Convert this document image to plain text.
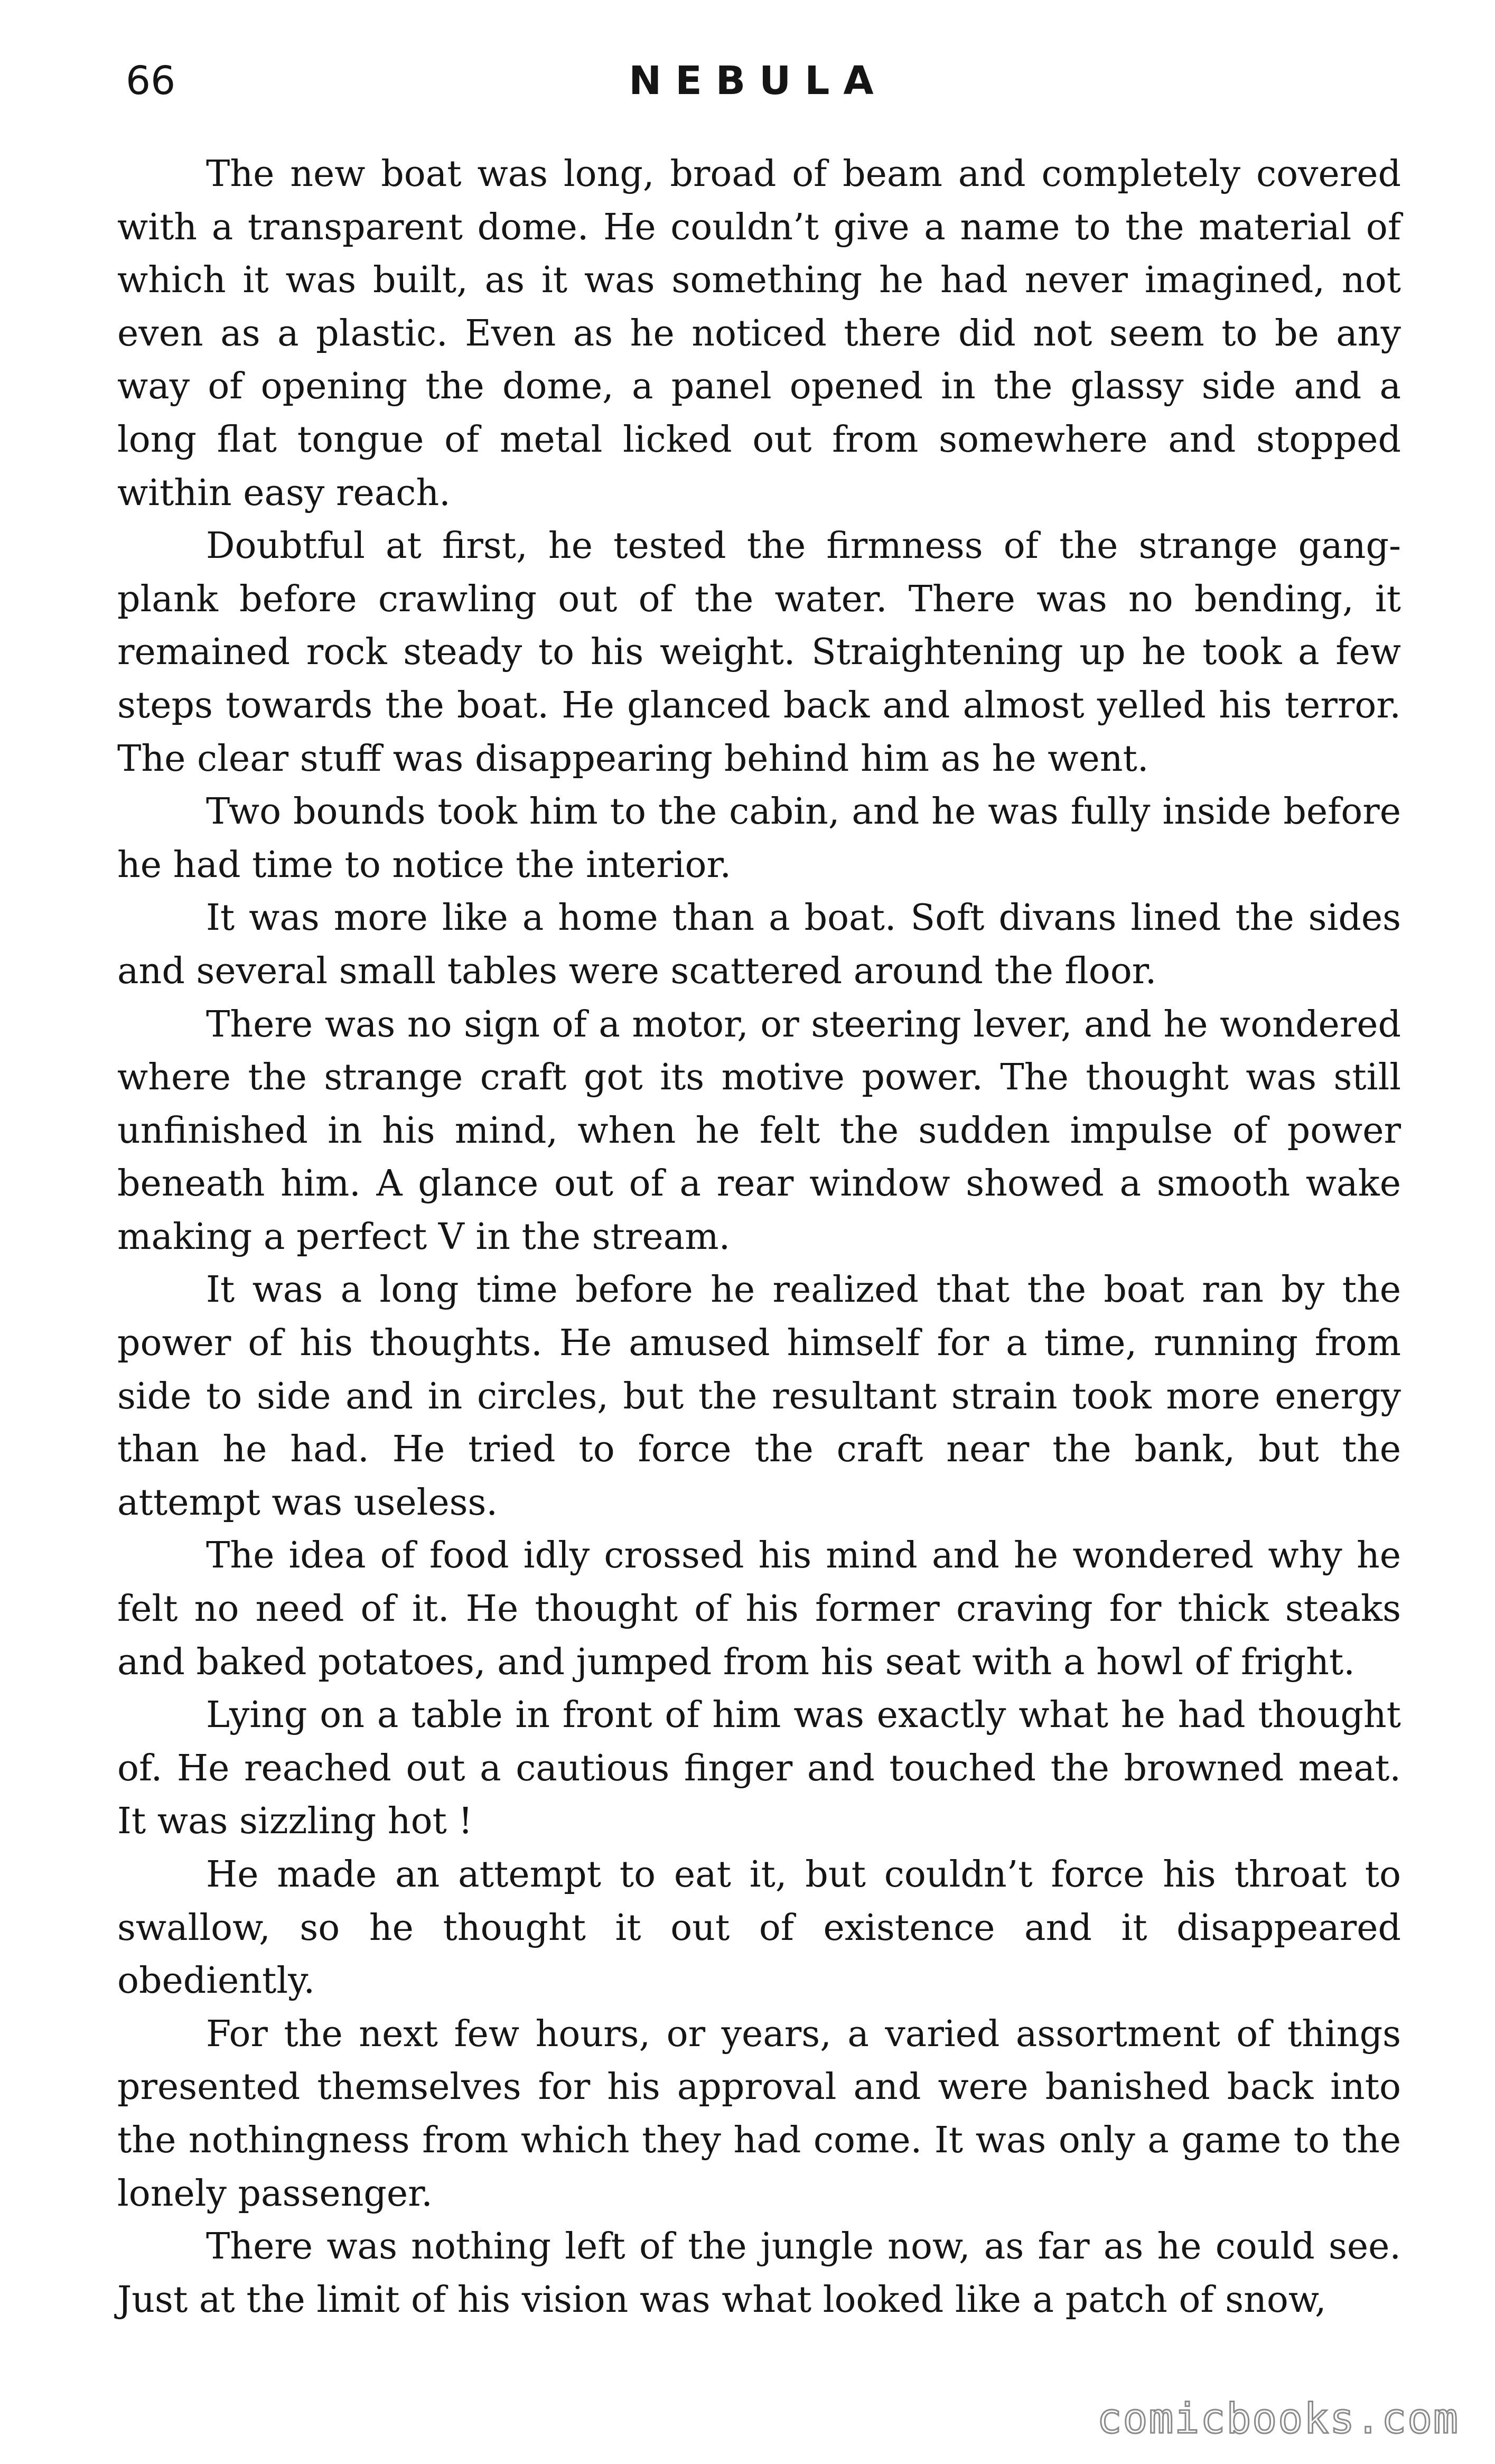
66	NEBULA

The new boat was long, broad of beam and completely covered with a transparent dome. He couldn’t give a name to the material of which it was built, as it was something he had never imagined, not even as a plastic. Even as he noticed there did not seem to be any way of opening the dome, a panel opened in the glassy side and a long flat tongue of metal licked out from somewhere and stopped within easy reach.

Doubtful at first, he tested the firmness of the strange gang-plank before crawling out of the water. There was no bending, it remained rock steady to his weight. Straightening up he took a few steps towards the boat. He glanced back and almost yelled his terror. The clear stuff was disappearing behind him as he went.

Two bounds took him to the cabin, and he was fully inside before he had time to notice the interior.

It was more like a home than a boat. Soft divans lined the sides and several small tables were scattered around the floor.

There was no sign of a motor, or steering lever, and he wondered where the strange craft got its motive power. The thought was still unfinished in his mind, when he felt the sudden impulse of power beneath him. A glance out of a rear window showed a smooth wake making a perfect V in the stream.

It was a long time before he realized that the boat ran by the power of his thoughts. He amused himself for a time, running from side to side and in circles, but the resultant strain took more energy than he had. He tried to force the craft near the bank, but the attempt was useless.

The idea of food idly crossed his mind and he wondered why he felt no need of it. He thought of his former craving for thick steaks and baked potatoes, and jumped from his seat with a howl of fright.

Lying on a table in front of him was exactly what he had thought of. He reached out a cautious finger and touched the browned meat. It was sizzling hot !

He made an attempt to eat it, but couldn’t force his throat to swallow, so he thought it out of existence and it disappeared obediently.

For the next few hours, or years, a varied assortment of things presented themselves for his approval and were banished back into the nothingness from which they had come. It was only a game to the lonely passenger.

There was nothing left of the jungle now, as far as he could see. Just at the limit of his vision was what looked like a patch of snow,

comicbooks.com
